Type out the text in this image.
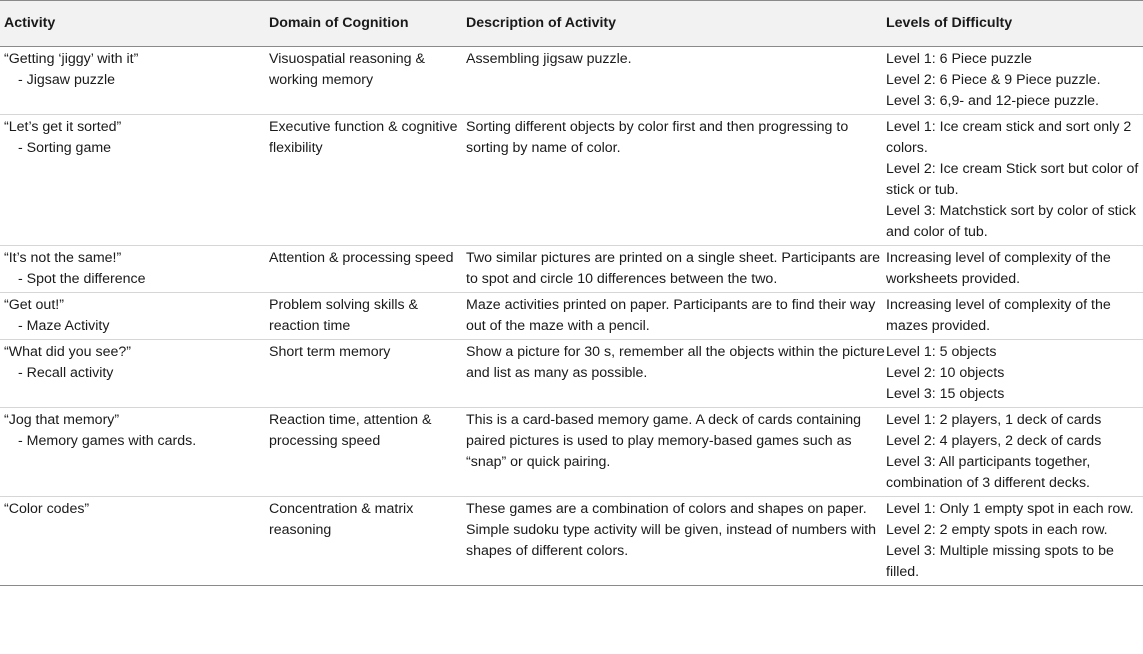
Activity	Domain of Cognition	Description of Activity	Levels of Difficulty

“Getting ‘jiggy’ with it”
- Jigsaw puzzle	Visuospatial reasoning & working memory	Assembling jigsaw puzzle.	Level 1: 6 Piece puzzle
Level 2: 6 Piece & 9 Piece puzzle.
Level 3: 6,9- and 12-piece puzzle.

“Let’s get it sorted”
- Sorting game	Executive function & cognitive flexibility	Sorting different objects by color first and then progressing to sorting by name of color.	Level 1: Ice cream stick and sort only 2 colors.
Level 2: Ice cream Stick sort but color of stick or tub.
Level 3: Matchstick sort by color of stick and color of tub.

“It’s not the same!”
- Spot the difference	Attention & processing speed	Two similar pictures are printed on a single sheet. Participants are to spot and circle 10 differences between the two.	Increasing level of complexity of the worksheets provided.

“Get out!”
- Maze Activity	Problem solving skills & reaction time	Maze activities printed on paper. Participants are to find their way out of the maze with a pencil.	Increasing level of complexity of the mazes provided.

“What did you see?”
- Recall activity	Short term memory	Show a picture for 30 s, remember all the objects within the picture and list as many as possible.	Level 1: 5 objects
Level 2: 10 objects
Level 3: 15 objects

“Jog that memory”
- Memory games with cards.	Reaction time, attention & processing speed	This is a card-based memory game. A deck of cards containing paired pictures is used to play memory-based games such as “snap” or quick pairing.	Level 1: 2 players, 1 deck of cards
Level 2: 4 players, 2 deck of cards
Level 3: All participants together, combination of 3 different decks.

“Color codes”	Concentration & matrix reasoning	These games are a combination of colors and shapes on paper.
Simple sudoku type activity will be given, instead of numbers with shapes of different colors.	Level 1: Only 1 empty spot in each row.
Level 2: 2 empty spots in each row.
Level 3: Multiple missing spots to be filled.
